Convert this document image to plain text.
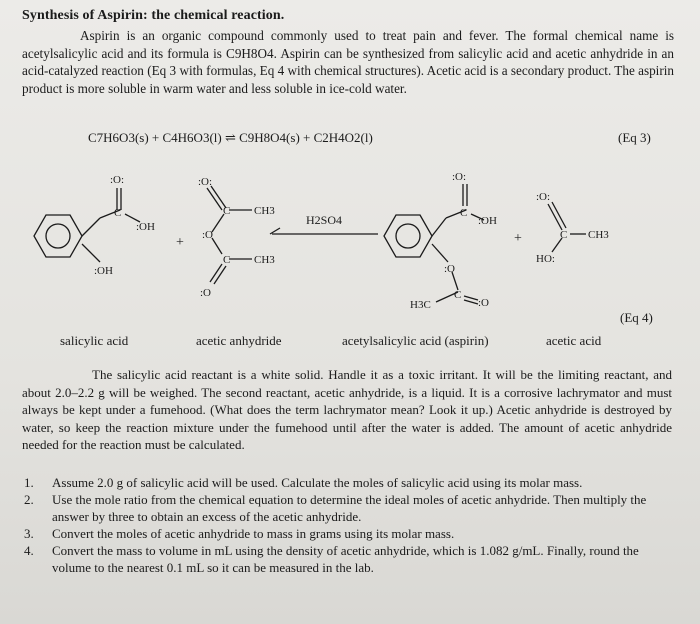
Synthesis of Aspirin: the chemical reaction.

Aspirin is an organic compound commonly used to treat pain and fever. The formal chemical name is acetylsalicylic acid and its formula is C9H8O4. Aspirin can be synthesized from salicylic acid and acetic anhydride in an acid-catalyzed reaction (Eq 3 with formulas, Eq 4 with chemical structures). Acetic acid is a secondary product. The aspirin product is more soluble in warm water and less soluble in ice-cold water.

C7H6O3(s) + C4H6O3(l) ⇌ C9H8O4(s) + C2H4O2(l)	(Eq 3)
:O:
C
:OH
:OH
+
:O:
C CH3
:O
C CH3
:O
H2SO4
:O:
C
:OH
:O
C
H3C	:O
+
:O:
C CH3
HO:
(Eq 4)
salicylic acid	acetic anhydride	acetylsalicylic acid (aspirin)	acetic acid

The salicylic acid reactant is a white solid. Handle it as a toxic irritant. It will be the limiting reactant, and about 2.0–2.2 g will be weighed. The second reactant, acetic anhydride, is a liquid. It is a corrosive lachrymator and must always be kept under a fumehood. (What does the term lachrymator mean? Look it up.) Acetic anhydride is destroyed by water, so keep the reaction mixture under the fumehood until after the water is added. The amount of acetic anhydride needed for the reaction must be calculated.

1. Assume 2.0 g of salicylic acid will be used. Calculate the moles of salicylic acid using its molar mass.
2. Use the mole ratio from the chemical equation to determine the ideal moles of acetic anhydride. Then multiply the answer by three to obtain an excess of the acetic anhydride.
3. Convert the moles of acetic anhydride to mass in grams using its molar mass.
4. Convert the mass to volume in mL using the density of acetic anhydride, which is 1.082 g/mL. Finally, round the volume to the nearest 0.1 mL so it can be measured in the lab.
